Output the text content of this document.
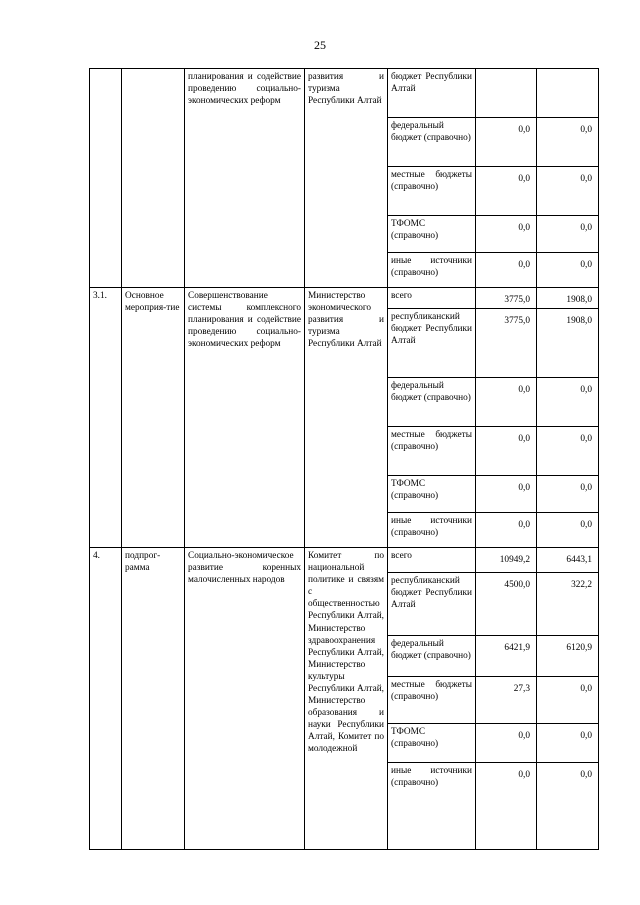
25
		планирования и содействие проведению социально-экономических реформ	развития и туризма Республики Алтай	бюджет Республики Алтай		
				федеральный бюджет (справочно)	0,0	0,0
				местные бюджеты (справочно)	0,0	0,0
				ТФОМС (справочно)	0,0	0,0
				иные источники (справочно)	0,0	0,0
3.1.	Основное мероприя-тие	Совершенствование системы комплексного планирования и содействие проведению социально-экономических реформ	Министерство экономического развития и туризма Республики Алтай	всего	3775,0	1908,0
				республиканский бюджет Республики Алтай	3775,0	1908,0
				федеральный бюджет (справочно)	0,0	0,0
				местные бюджеты (справочно)	0,0	0,0
				ТФОМС (справочно)	0,0	0,0
				иные источники (справочно)	0,0	0,0
4.	подпрог-рамма	Социально-экономическое развитие коренных малочисленных народов	Комитет по национальной политике и связям с общественностью Республики Алтай, Министерство здравоохранения Республики Алтай, Министерство культуры Республики Алтай, Министерство образования и науки Республики Алтай, Комитет по молодежной	всего	10949,2	6443,1
				республиканский бюджет Республики Алтай	4500,0	322,2
				федеральный бюджет (справочно)	6421,9	6120,9
				местные бюджеты (справочно)	27,3	0,0
				ТФОМС (справочно)	0,0	0,0
				иные источники (справочно)	0,0	0,0
